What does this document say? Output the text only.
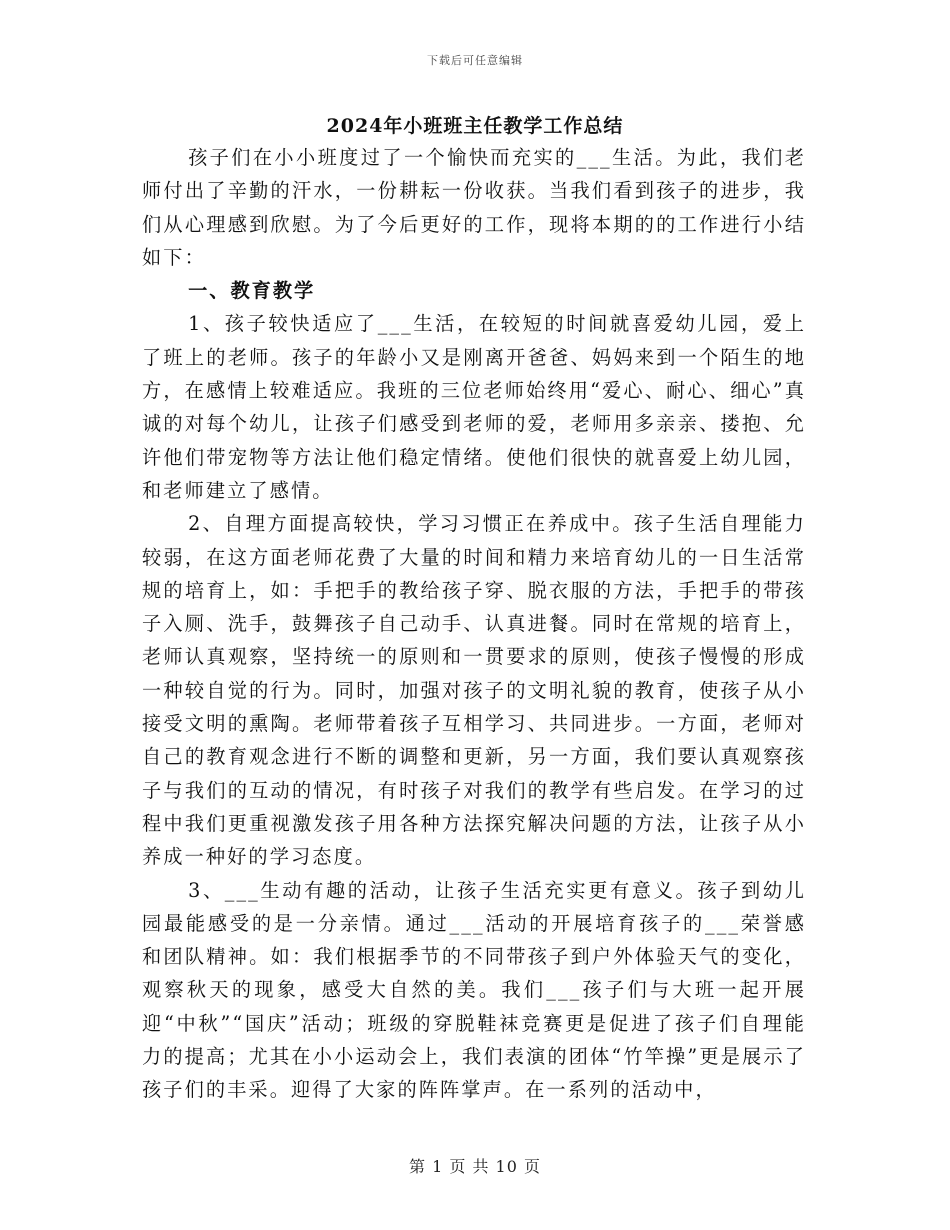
下载后可任意编辑
2024年小班班主任教学工作总结

孩子们在小小班度过了一个愉快而充实的___生活。为此，我们老师付出了辛勤的汗水，一份耕耘一份收获。当我们看到孩子的进步，我们从心理感到欣慰。为了今后更好的工作，现将本期的的工作进行小结如下：

一、教育教学

1、孩子较快适应了___生活，在较短的时间就喜爱幼儿园，爱上了班上的老师。孩子的年龄小又是刚离开爸爸、妈妈来到一个陌生的地方，在感情上较难适应。我班的三位老师始终用“爱心、耐心、细心”真诚的对每个幼儿，让孩子们感受到老师的爱，老师用多亲亲、搂抱、允许他们带宠物等方法让他们稳定情绪。使他们很快的就喜爱上幼儿园，和老师建立了感情。

2、自理方面提高较快，学习习惯正在养成中。孩子生活自理能力较弱，在这方面老师花费了大量的时间和精力来培育幼儿的一日生活常规的培育上，如：手把手的教给孩子穿、脱衣服的方法，手把手的带孩子入厕、洗手，鼓舞孩子自己动手、认真进餐。同时在常规的培育上，老师认真观察，坚持统一的原则和一贯要求的原则，使孩子慢慢的形成一种较自觉的行为。同时，加强对孩子的文明礼貌的教育，使孩子从小接受文明的熏陶。老师带着孩子互相学习、共同进步。一方面，老师对自己的教育观念进行不断的调整和更新，另一方面，我们要认真观察孩子与我们的互动的情况，有时孩子对我们的教学有些启发。在学习的过程中我们更重视激发孩子用各种方法探究解决问题的方法，让孩子从小养成一种好的学习态度。

3、___生动有趣的活动，让孩子生活充实更有意义。孩子到幼儿园最能感受的是一分亲情。通过___活动的开展培育孩子的___荣誉感和团队精神。如：我们根据季节的不同带孩子到户外体验天气的变化，观察秋天的现象，感受大自然的美。我们___孩子们与大班一起开展迎“中秋”“国庆”活动；班级的穿脱鞋袜竞赛更是促进了孩子们自理能力的提高；尤其在小小运动会上，我们表演的团体“竹竿操”更是展示了孩子们的丰采。迎得了大家的阵阵掌声。在一系列的活动中，

第 1 页 共 10 页
